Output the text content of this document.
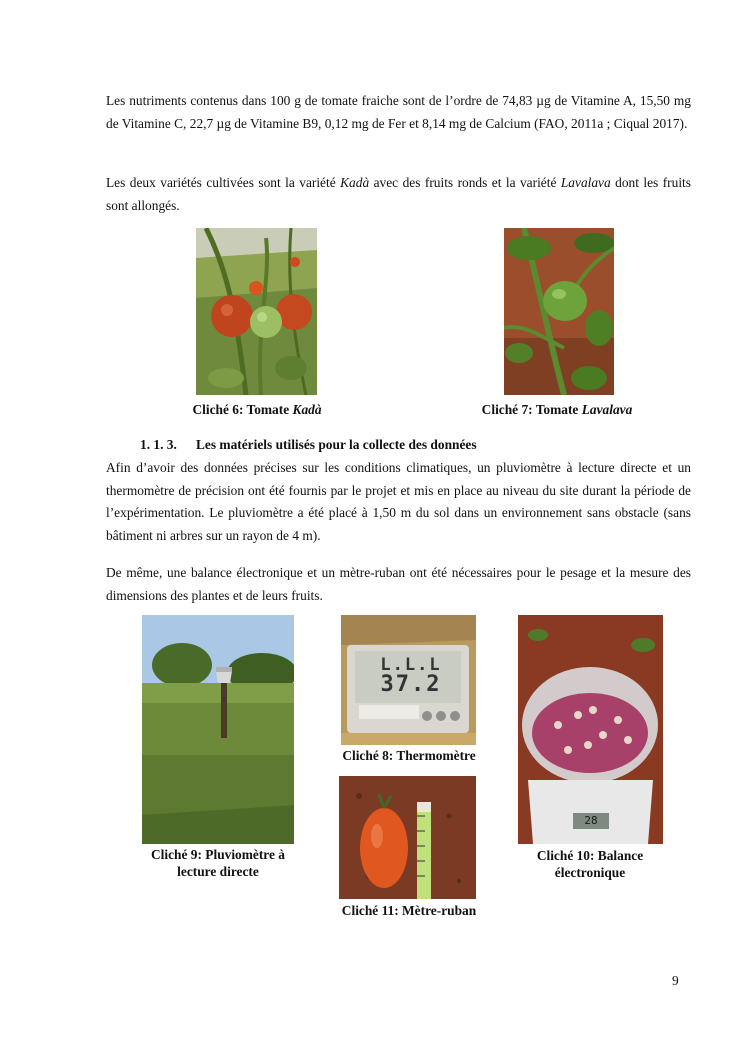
Les nutriments contenus dans 100 g de tomate fraiche sont de l’ordre de 74,83 µg de Vitamine A, 15,50 mg de Vitamine C, 22,7 µg de Vitamine B9, 0,12 mg de Fer et 8,14 mg de Calcium (FAO, 2011a ; Ciqual 2017).

Les deux variétés cultivées sont la variété Kadà avec des fruits ronds et la variété Lavalava dont les fruits sont allongés.

Cliché 6: Tomate Kadà	Cliché 7: Tomate Lavalava
1. 1. 3. Les matériels utilisés pour la collecte des données

Afin d’avoir des données précises sur les conditions climatiques, un pluviomètre à lecture directe et un thermomètre de précision ont été fournis par le projet et mis en place au niveau du site durant la période de l’expérimentation. Le pluviomètre a été placé à 1,50 m du sol dans un environnement sans obstacle (sans bâtiment ni arbres sur un rayon de 4 m).

De même, une balance électronique et un mètre-ruban ont été nécessaires pour le pesage et la mesure des dimensions des plantes et de leurs fruits.

Cliché 9: Pluviomètre à
lecture directe
L.L.L
37.2
Cliché 8: Thermomètre
Cliché 11: Mètre-ruban
28
Cliché 10: Balance
électronique
9
